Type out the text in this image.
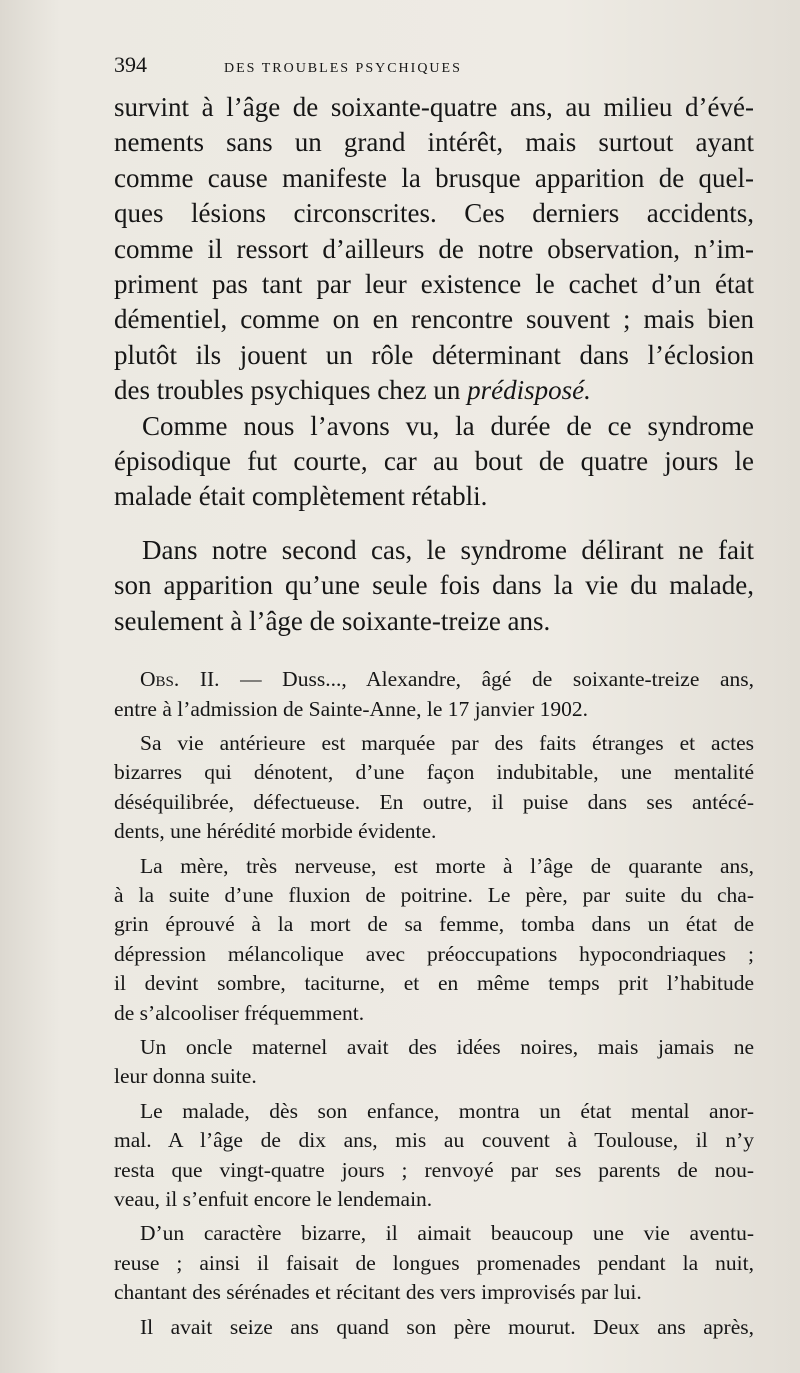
394	DES TROUBLES PSYCHIQUES

survint à l’âge de soixante-quatre ans, au milieu d’évé-

nements sans un grand intérêt, mais surtout ayant

comme cause manifeste la brusque apparition de quel-

ques lésions circonscrites. Ces derniers accidents,

comme il ressort d’ailleurs de notre observation, n’im-

priment pas tant par leur existence le cachet d’un état

démentiel, comme on en rencontre souvent ; mais bien

plutôt ils jouent un rôle déterminant dans l’éclosion

des troubles psychiques chez un prédisposé.

Comme nous l’avons vu, la durée de ce syndrome

épisodique fut courte, car au bout de quatre jours le

malade était complètement rétabli.

Dans notre second cas, le syndrome délirant ne fait

son apparition qu’une seule fois dans la vie du malade,

seulement à l’âge de soixante-treize ans.

Obs. II. — Duss..., Alexandre, âgé de soixante-treize ans,

entre à l’admission de Sainte-Anne, le 17 janvier 1902.

Sa vie antérieure est marquée par des faits étranges et actes

bizarres qui dénotent, d’une façon indubitable, une mentalité

déséquilibrée, défectueuse. En outre, il puise dans ses antécé-

dents, une hérédité morbide évidente.

La mère, très nerveuse, est morte à l’âge de quarante ans,

à la suite d’une fluxion de poitrine. Le père, par suite du cha-

grin éprouvé à la mort de sa femme, tomba dans un état de

dépression mélancolique avec préoccupations hypocondriaques ;

il devint sombre, taciturne, et en même temps prit l’habitude

de s’alcooliser fréquemment.

Un oncle maternel avait des idées noires, mais jamais ne

leur donna suite.

Le malade, dès son enfance, montra un état mental anor-

mal. A l’âge de dix ans, mis au couvent à Toulouse, il n’y

resta que vingt-quatre jours ; renvoyé par ses parents de nou-

veau, il s’enfuit encore le lendemain.

D’un caractère bizarre, il aimait beaucoup une vie aventu-

reuse ; ainsi il faisait de longues promenades pendant la nuit,

chantant des sérénades et récitant des vers improvisés par lui.

Il avait seize ans quand son père mourut. Deux ans après,
